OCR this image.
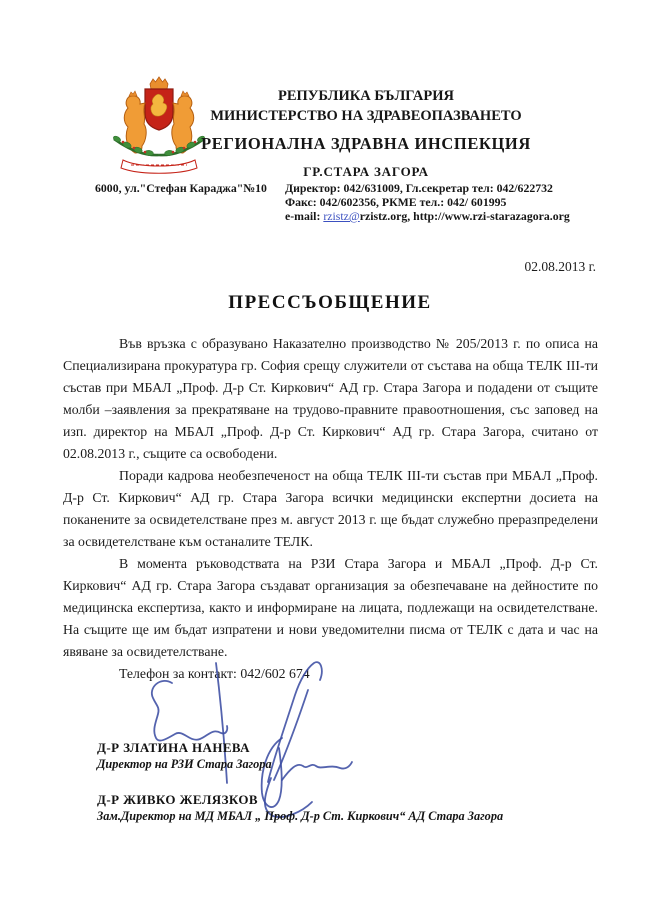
РЕПУБЛИКА БЪЛГАРИЯ
МИНИСТЕРСТВО НА ЗДРАВЕОПАЗВАНЕТО
РЕГИОНАЛНА ЗДРАВНА ИНСПЕКЦИЯ
ГР.СТАРА ЗАГОРА
6000, ул."Стефан Караджа"№10	Директор: 042/631009, Гл.секретар тел: 042/622732
Факс: 042/602356, РКМЕ тел.: 042/ 601995
e-mail: rzistz@rzistz.org, http://www.rzi-starazagora.org
02.08.2013 г.
ПРЕССЪОБЩЕНИЕ

Във връзка с образувано Наказателно производство № 205/2013 г. по описа на Специализирана прокуратура гр. София срещу служители от състава на обща ТЕЛК III-ти състав при МБАЛ „Проф. Д-р Ст. Киркович“ АД гр. Стара Загора и подадени от същите молби –заявления за прекратяване на трудово-правните правоотношения, със заповед на изп. директор на МБАЛ „Проф. Д-р Ст. Киркович“ АД гр. Стара Загора, считано от 02.08.2013 г., същите са освободени.

Поради кадрова необезпеченост на обща ТЕЛК III-ти състав при МБАЛ „Проф. Д-р Ст. Киркович“ АД гр. Стара Загора всички медицински експертни досиета на поканените за освидетелстване през м. август 2013 г. ще бъдат служебно преразпределени за освидетелстване към останалите ТЕЛК.

В момента ръководствата на РЗИ Стара Загора и МБАЛ „Проф. Д-р Ст. Киркович“ АД гр. Стара Загора създават организация за обезпечаване на дейностите по медицинска експертиза, както и информиране на лицата, подлежащи на освидетелстване. На същите ще им бъдат изпратени и нови уведомителни писма от ТЕЛК с дата и час на явяване за освидетелстване.

Телефон за контакт: 042/602 674

Д-Р ЗЛАТИНА НАНЕВА
Директор на РЗИ Стара Загора
Д-Р ЖИВКО ЖЕЛЯЗКОВ
Зам.Директор на МД МБАЛ „ Проф. Д-р Ст. Киркович“ АД Стара Загора
